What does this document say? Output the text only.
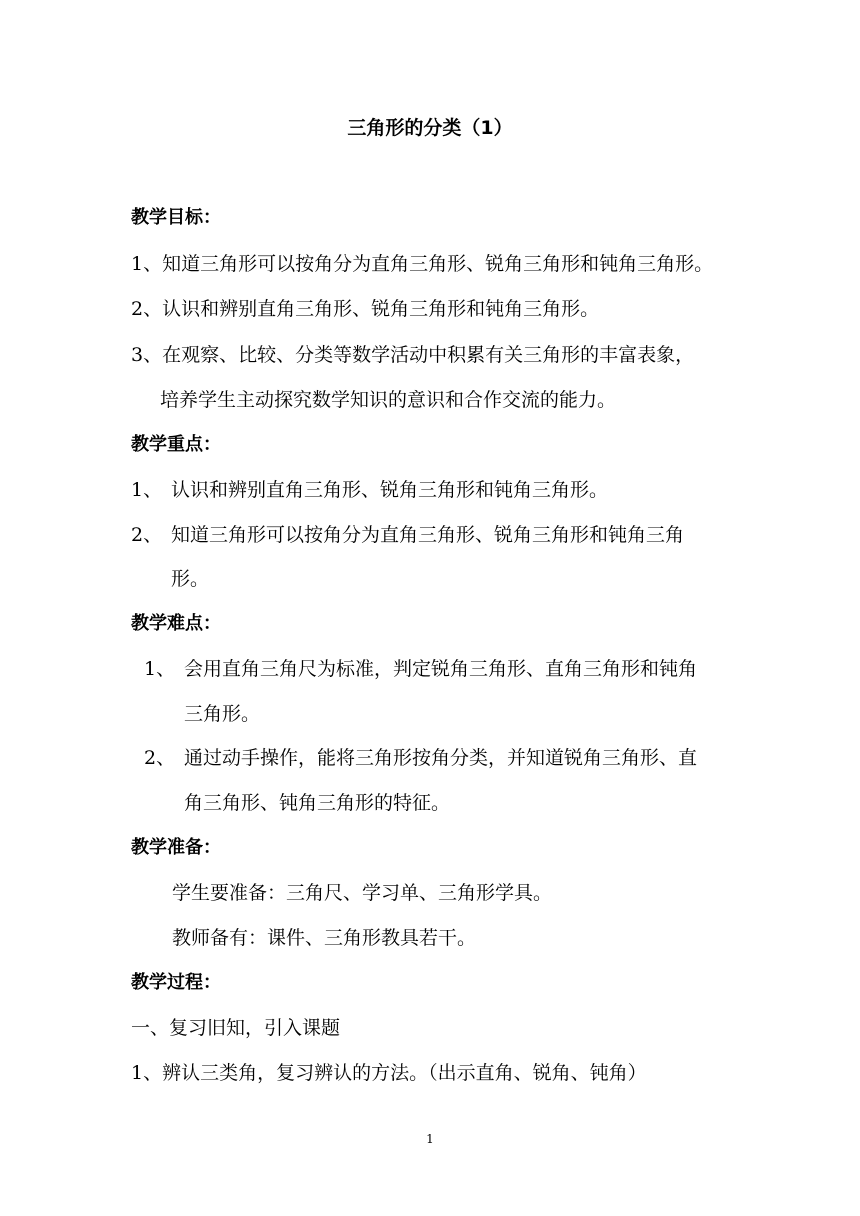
三角形的分类（1）
教学目标：
1、知道三角形可以按角分为直角三角形、锐角三角形和钝角三角形。
2、认识和辨别直角三角形、锐角三角形和钝角三角形。
3、在观察、比较、分类等数学活动中积累有关三角形的丰富表象，
培养学生主动探究数学知识的意识和合作交流的能力。
教学重点：
1、 认识和辨别直角三角形、锐角三角形和钝角三角形。
2、 知道三角形可以按角分为直角三角形、锐角三角形和钝角三角
形。
教学难点：
1、 会用直角三角尺为标准，判定锐角三角形、直角三角形和钝角
三角形。
2、 通过动手操作，能将三角形按角分类，并知道锐角三角形、直
角三角形、钝角三角形的特征。
教学准备：
学生要准备：三角尺、学习单、三角形学具。
教师备有：课件、三角形教具若干。
教学过程：
一、复习旧知，引入课题
1、辨认三类角，复习辨认的方法。（出示直角、锐角、钝角）
1
